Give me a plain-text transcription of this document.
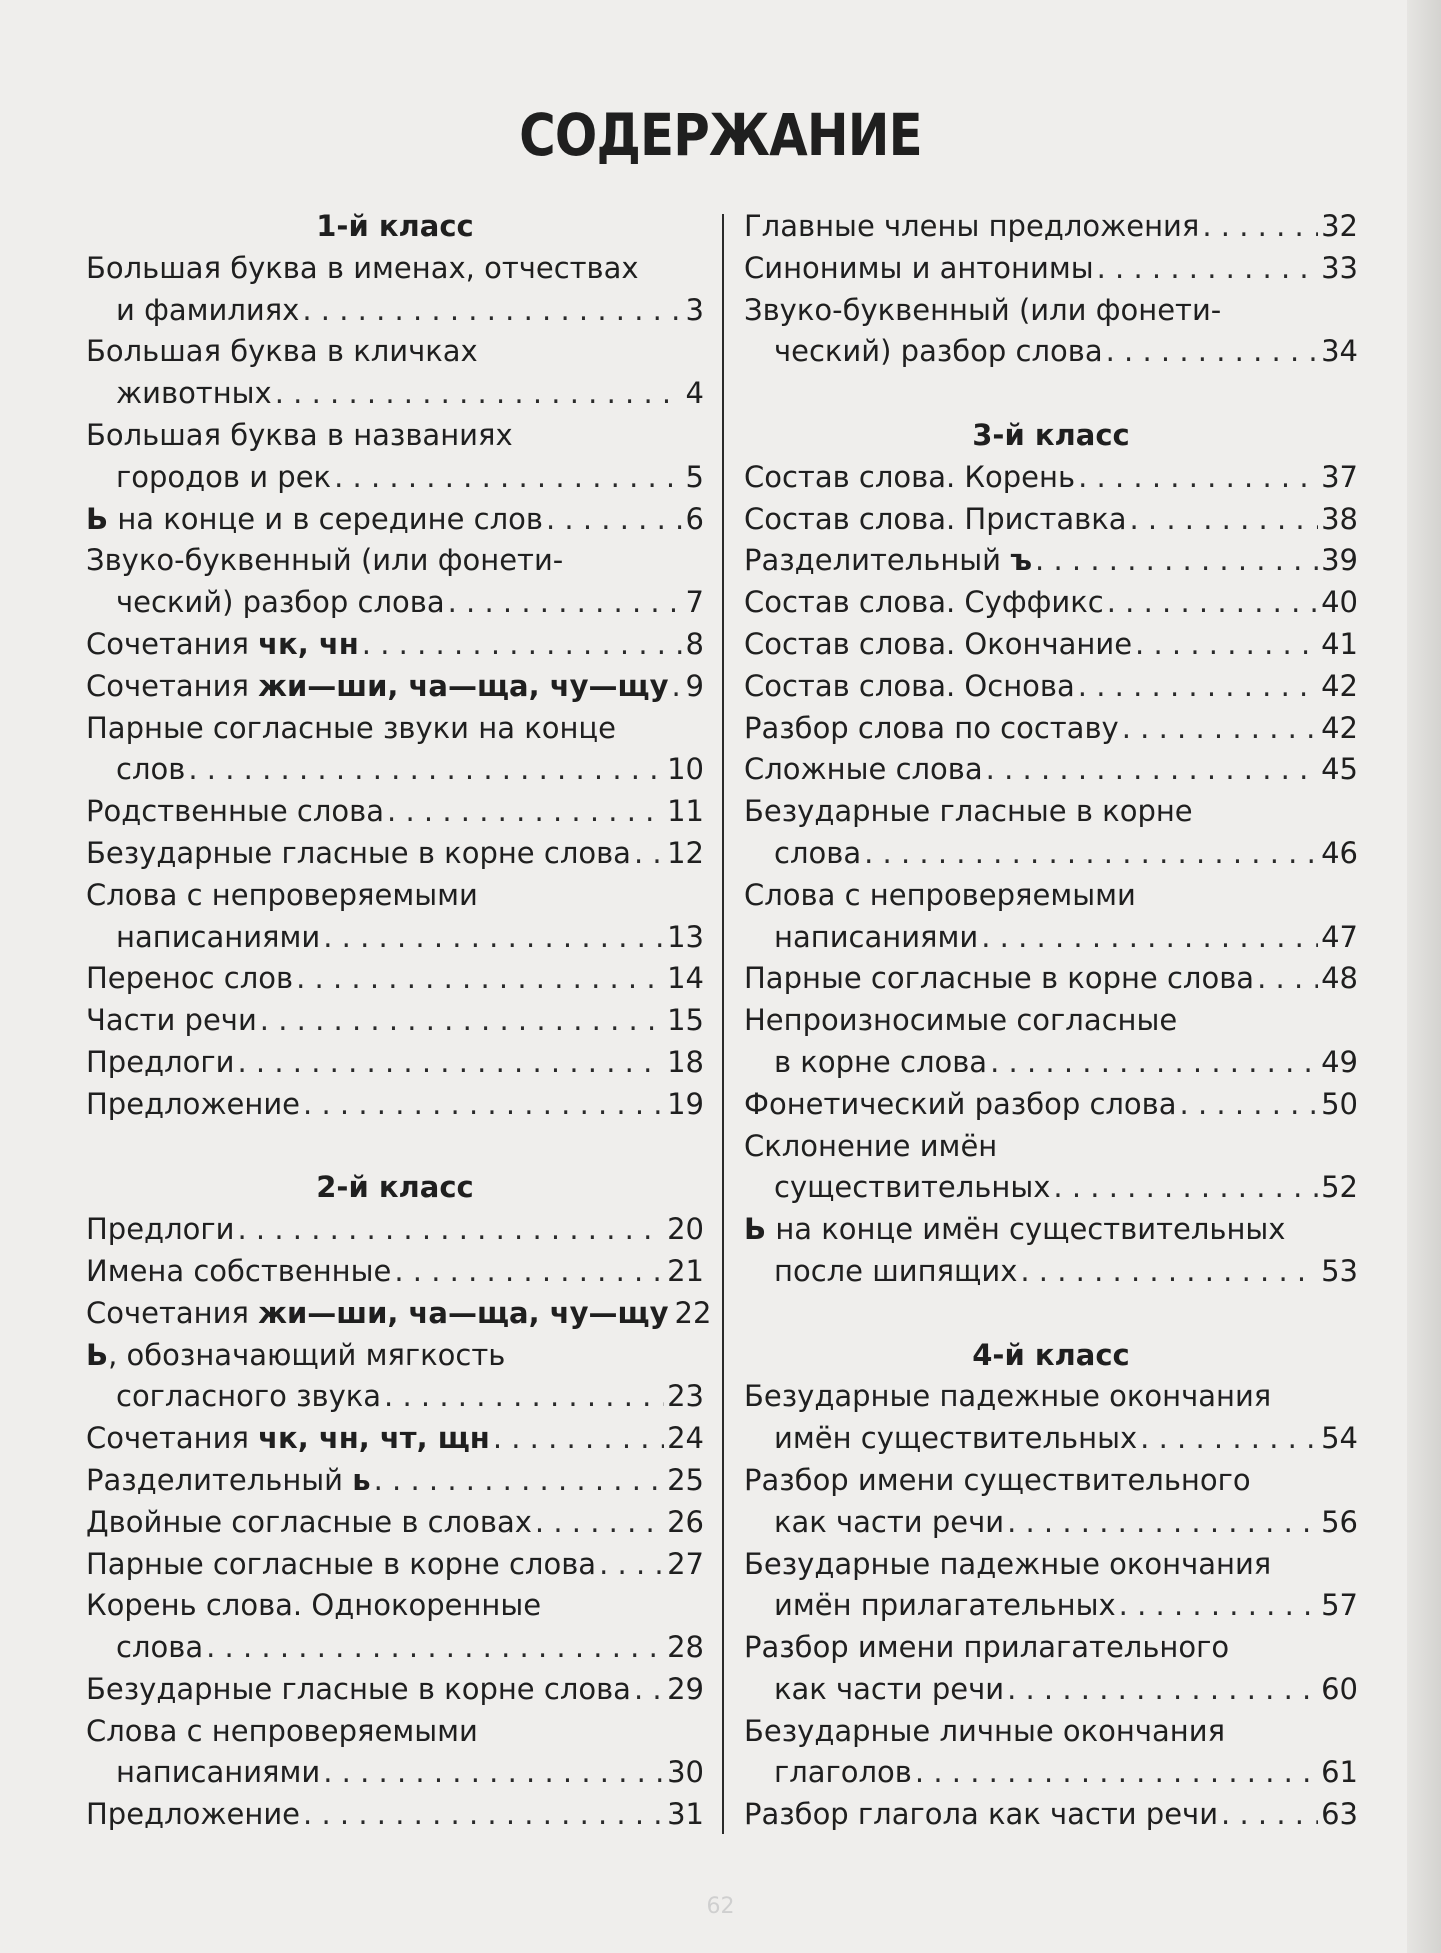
СОДЕРЖАНИЕ
1-й класс
Большая буква в именах, отчествах
и фамилиях . . .	3
Большая буква в кличках
животных . . .	4
Большая буква в названиях
городов и рек . . .	5
Ь на конце и в середине слов . . .	6
Звуко-буквенный (или фонети-
ческий) разбор слова . . .	7
Сочетания чк, чн . . .	8
Сочетания жи—ши, ча—ща, чу—щу . . . 9
Парные согласные звуки на конце
слов . . .	10
Родственные слова . . .	11
Безударные гласные в корне слова . . . 12
Слова с непроверяемыми
написаниями . . .	13
Перенос слов . . .	14
Части речи . . .	15
Предлоги . . .	18
Предложение . . .	19
2-й класс
Предлоги . . .	20
Имена собственные . . .	21
Сочетания жи—ши, ча—ща, чу—щу 22
Ь, обозначающий мягкость
согласного звука . . .	23
Сочетания чк, чн, чт, щн . . .	24
Разделительный ь . . .	25
Двойные согласные в словах . . .	26
Парные согласные в корне слова . . . 27
Корень слова. Однокоренные
слова . . .	28
Безударные гласные в корне слова . . . 29
Слова с непроверяемыми
написаниями . . .	30
Предложение . . .	31
Главные члены предложения . . .	32
Синонимы и антонимы . . .	33
Звуко-буквенный (или фонети-
ческий) разбор слова . . .	34
3-й класс
Состав слова. Корень . . .	37
Состав слова. Приставка . . .	38
Разделительный ъ . . .	39
Состав слова. Суффикс . . .	40
Состав слова. Окончание . . .	41
Состав слова. Основа . . .	42
Разбор слова по составу . . .	42
Сложные слова . . .	45
Безударные гласные в корне
слова . . .	46
Слова с непроверяемыми
написаниями . . .	47
Парные согласные в корне слова . . . 48
Непроизносимые согласные
в корне слова . . .	49
Фонетический разбор слова . . .	50
Склонение имён
существительных . . .	52
Ь на конце имён существительных
после шипящих . . .	53
4-й класс
Безударные падежные окончания
имён существительных . . .	54
Разбор имени существительного
как части речи . . .	56
Безударные падежные окончания
имён прилагательных . . .	57
Разбор имени прилагательного
как части речи . . .	60
Безударные личные окончания
глаголов . . .	61
Разбор глагола как части речи . . .	63
62
